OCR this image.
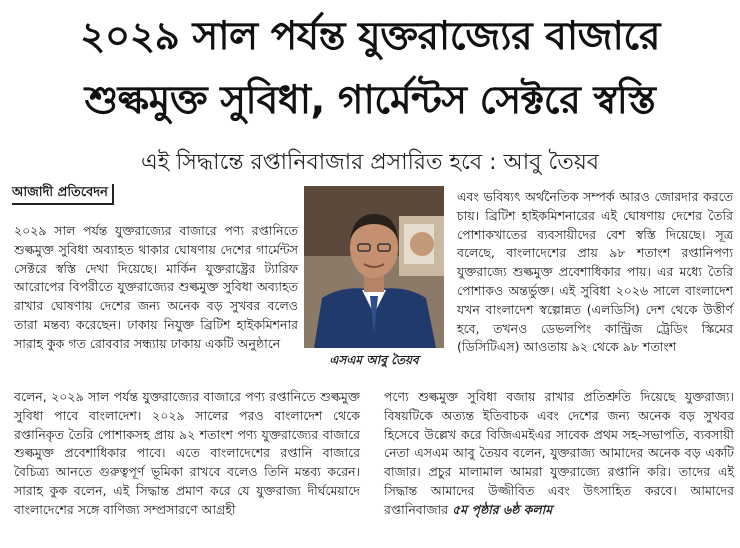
২০২৯ সাল পর্যন্ত যুক্তরাজ্যের বাজারে
শুল্কমুক্ত সুবিধা, গার্মেন্টস সেক্টরে স্বস্তি
এই সিদ্ধান্তে রপ্তানিবাজার প্রসারিত হবে : আবু তৈয়ব
আজাদী প্রতিবেদন

২০২৯ সাল পর্যন্ত যুক্তরাজ্যের বাজারে পণ্য রপ্তানিতে শুল্কমুক্ত সুবিধা অব্যাহত থাকার ঘোষণায় দেশের গার্মেন্টস সেক্টরে স্বস্তি দেখা দিয়েছে। মার্কিন যুক্তরাষ্ট্রের ট্যারিফ আরোপের বিপরীতে যুক্তরাজ্যের শুল্কমুক্ত সুবিধা অব্যাহত রাখার ঘোষণায় দেশের জন্য অনেক বড় সুখবর বলেও তারা মন্তব্য করেছেন। ঢাকায় নিযুক্ত ব্রিটিশ হাইকমিশনার সারাহ কুক গত রোববার সন্ধ্যায় ঢাকায় একটি অনুষ্ঠানে

বলেন, ২০২৯ সাল পর্যন্ত যুক্তরাজ্যের বাজারে পণ্য রপ্তানিতে শুল্কমুক্ত সুবিধা পাবে বাংলাদেশ। ২০২৯ সালের পরও বাংলাদেশ থেকে রপ্তানিকৃত তৈরি পোশাকসহ প্রায় ৯২ শতাংশ পণ্য যুক্তরাজ্যের বাজারে শুল্কমুক্ত প্রবেশাধিকার পাবে। এতে বাংলাদেশের রপ্তানি বাজারে বৈচিত্র্য আনতে গুরুত্বপূর্ণ ভূমিকা রাখবে বলেও তিনি মন্তব্য করেন। সারাহ কুক বলেন, এই সিদ্ধান্ত প্রমাণ করে যে যুক্তরাজ্য দীর্ঘমেয়াদে বাংলাদেশের সঙ্গে বাণিজ্য সম্প্রসারণে আগ্রহী

এসএম আবু তৈয়ব

এবং ভবিষ্যৎ অর্থনৈতিক সম্পর্ক আরও জোরদার করতে চায়। ব্রিটিশ হাইকমিশনারের এই ঘোষণায় দেশের তৈরি পোশাকখাতের ব্যবসায়ীদের বেশ স্বস্তি দিয়েছে। সূত্র বলেছে, বাংলাদেশের প্রায় ৯৮ শতাংশ রপ্তানিপণ্য যুক্তরাজ্যে শুল্কমুক্ত প্রবেশাধিকার পায়। এর মধ্যে তৈরি পোশাকও অন্তর্ভুক্ত। এই সুবিধা ২০২৬ সালে বাংলাদেশ যখন বাংলাদেশ স্বল্পোন্নত (এলডিসি) দেশ থেকে উত্তীর্ণ হবে, তখনও ডেভলপিং কান্ট্রিজ ট্রেডিং স্কিমের (ডিসিটিএস) আওতায় ৯২ থেকে ৯৮ শতাংশ

পণ্যে শুল্কমুক্ত সুবিধা বজায় রাখার প্রতিশ্রুতি দিয়েছে যুক্তরাজ্য। বিষয়টিকে অত্যন্ত ইতিবাচক এবং দেশের জন্য অনেক বড় সুখবর হিসেবে উল্লেখ করে বিজিএমইএর সাবেক প্রথম সহ-সভাপতি, ব্যবসায়ী নেতা এসএম আবু তৈয়ব বলেন, যুক্তরাজ্য আমাদের অনেক বড় একটি বাজার। প্রচুর মালামাল আমরা যুক্তরাজ্যে রপ্তানি করি। তাদের এই সিদ্ধান্ত আমাদের উজ্জীবিত এবং উৎসাহিত করবে। আমাদের রপ্তানিবাজার ৫ম পৃষ্ঠার ৬ষ্ঠ কলাম
